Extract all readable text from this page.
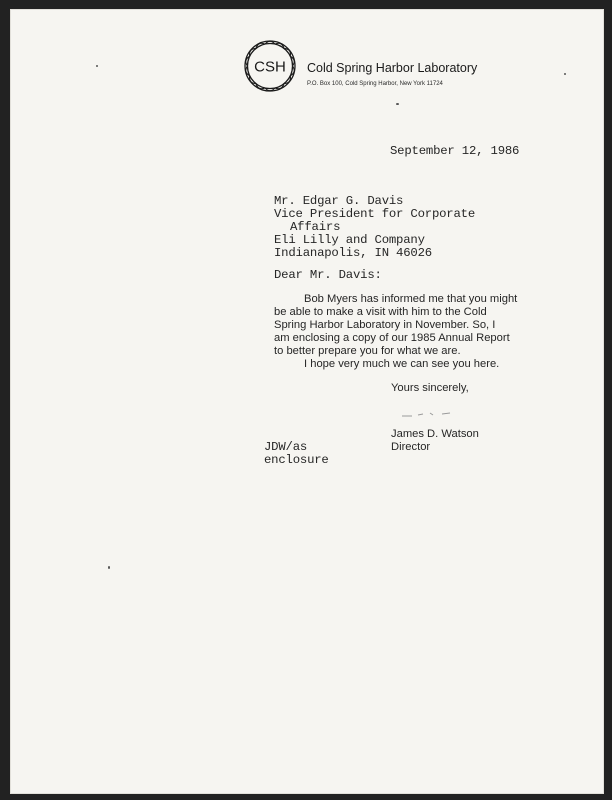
CSH Cold Spring Harbor Laboratory
P.O. Box 100, Cold Spring Harbor, New York 11724
September 12, 1986
Mr. Edgar G. Davis
Vice President for Corporate
Affairs
Eli Lilly and Company
Indianapolis, IN 46026
Dear Mr. Davis:
Bob Myers has informed me that you might
be able to make a visit with him to the Cold
Spring Harbor Laboratory in November. So, I
am enclosing a copy of our 1985 Annual Report
to better prepare you for what we are.
I hope very much we can see you here.
Yours sincerely,
James D. Watson
Director
JDW/as
enclosure
